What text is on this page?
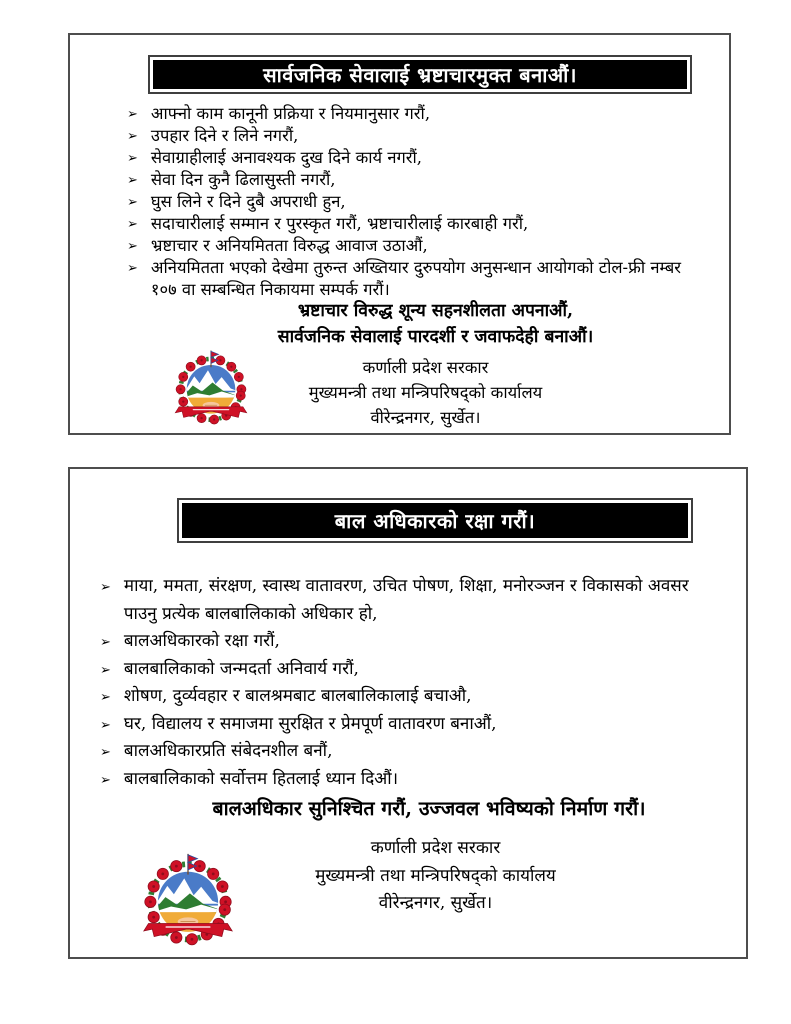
सार्वजनिक सेवालाई भ्रष्टाचारमुक्त बनाऔं।
➢ आफ्नो काम कानूनी प्रक्रिया र नियमानुसार गरौं,
➢ उपहार दिने र लिने नगरौं,
➢ सेवाग्राहीलाई अनावश्यक दुख दिने कार्य नगरौं,
➢ सेवा दिन कुनै ढिलासुस्ती नगरौं,
➢ घुस लिने र दिने दुबै अपराधी हुन,
➢ सदाचारीलाई सम्मान र पुरस्कृत गरौं, भ्रष्टाचारीलाई कारबाही गरौं,
➢ भ्रष्टाचार र अनियमितता विरुद्ध आवाज उठाऔं,
➢ अनियमितता भएको देखेमा तुरुन्त अख्तियार दुरुपयोग अनुसन्धान आयोगको टोल-फ्री नम्बर १०७ वा सम्बन्धित निकायमा सम्पर्क गरौं।
भ्रष्टाचार विरुद्ध शून्य सहनशीलता अपनाऔं,
सार्वजनिक सेवालाई पारदर्शी र जवाफदेही बनाऔं।
कर्णाली प्रदेश सरकार
मुख्यमन्त्री तथा मन्त्रिपरिषद्को कार्यालय
वीरेन्द्रनगर, सुर्खेत।
बाल अधिकारको रक्षा गरौं।
➢ माया, ममता, संरक्षण, स्वास्थ वातावरण, उचित पोषण, शिक्षा, मनोरञ्जन र विकासको अवसर पाउनु प्रत्येक बालबालिकाको अधिकार हो,
➢ बालअधिकारको रक्षा गरौं,
➢ बालबालिकाको जन्मदर्ता अनिवार्य गरौं,
➢ शोषण, दुर्व्यवहार र बालश्रमबाट बालबालिकालाई बचाऔ,
➢ घर, विद्यालय र समाजमा सुरक्षित र प्रेमपूर्ण वातावरण बनाऔं,
➢ बालअधिकारप्रति संबेदनशील बनौं,
➢ बालबालिकाको सर्वोत्तम हितलाई ध्यान दिऔं।
बालअधिकार सुनिश्चित गरौं, उज्जवल भविष्यको निर्माण गरौं।
कर्णाली प्रदेश सरकार
मुख्यमन्त्री तथा मन्त्रिपरिषद्को कार्यालय
वीरेन्द्रनगर, सुर्खेत।
